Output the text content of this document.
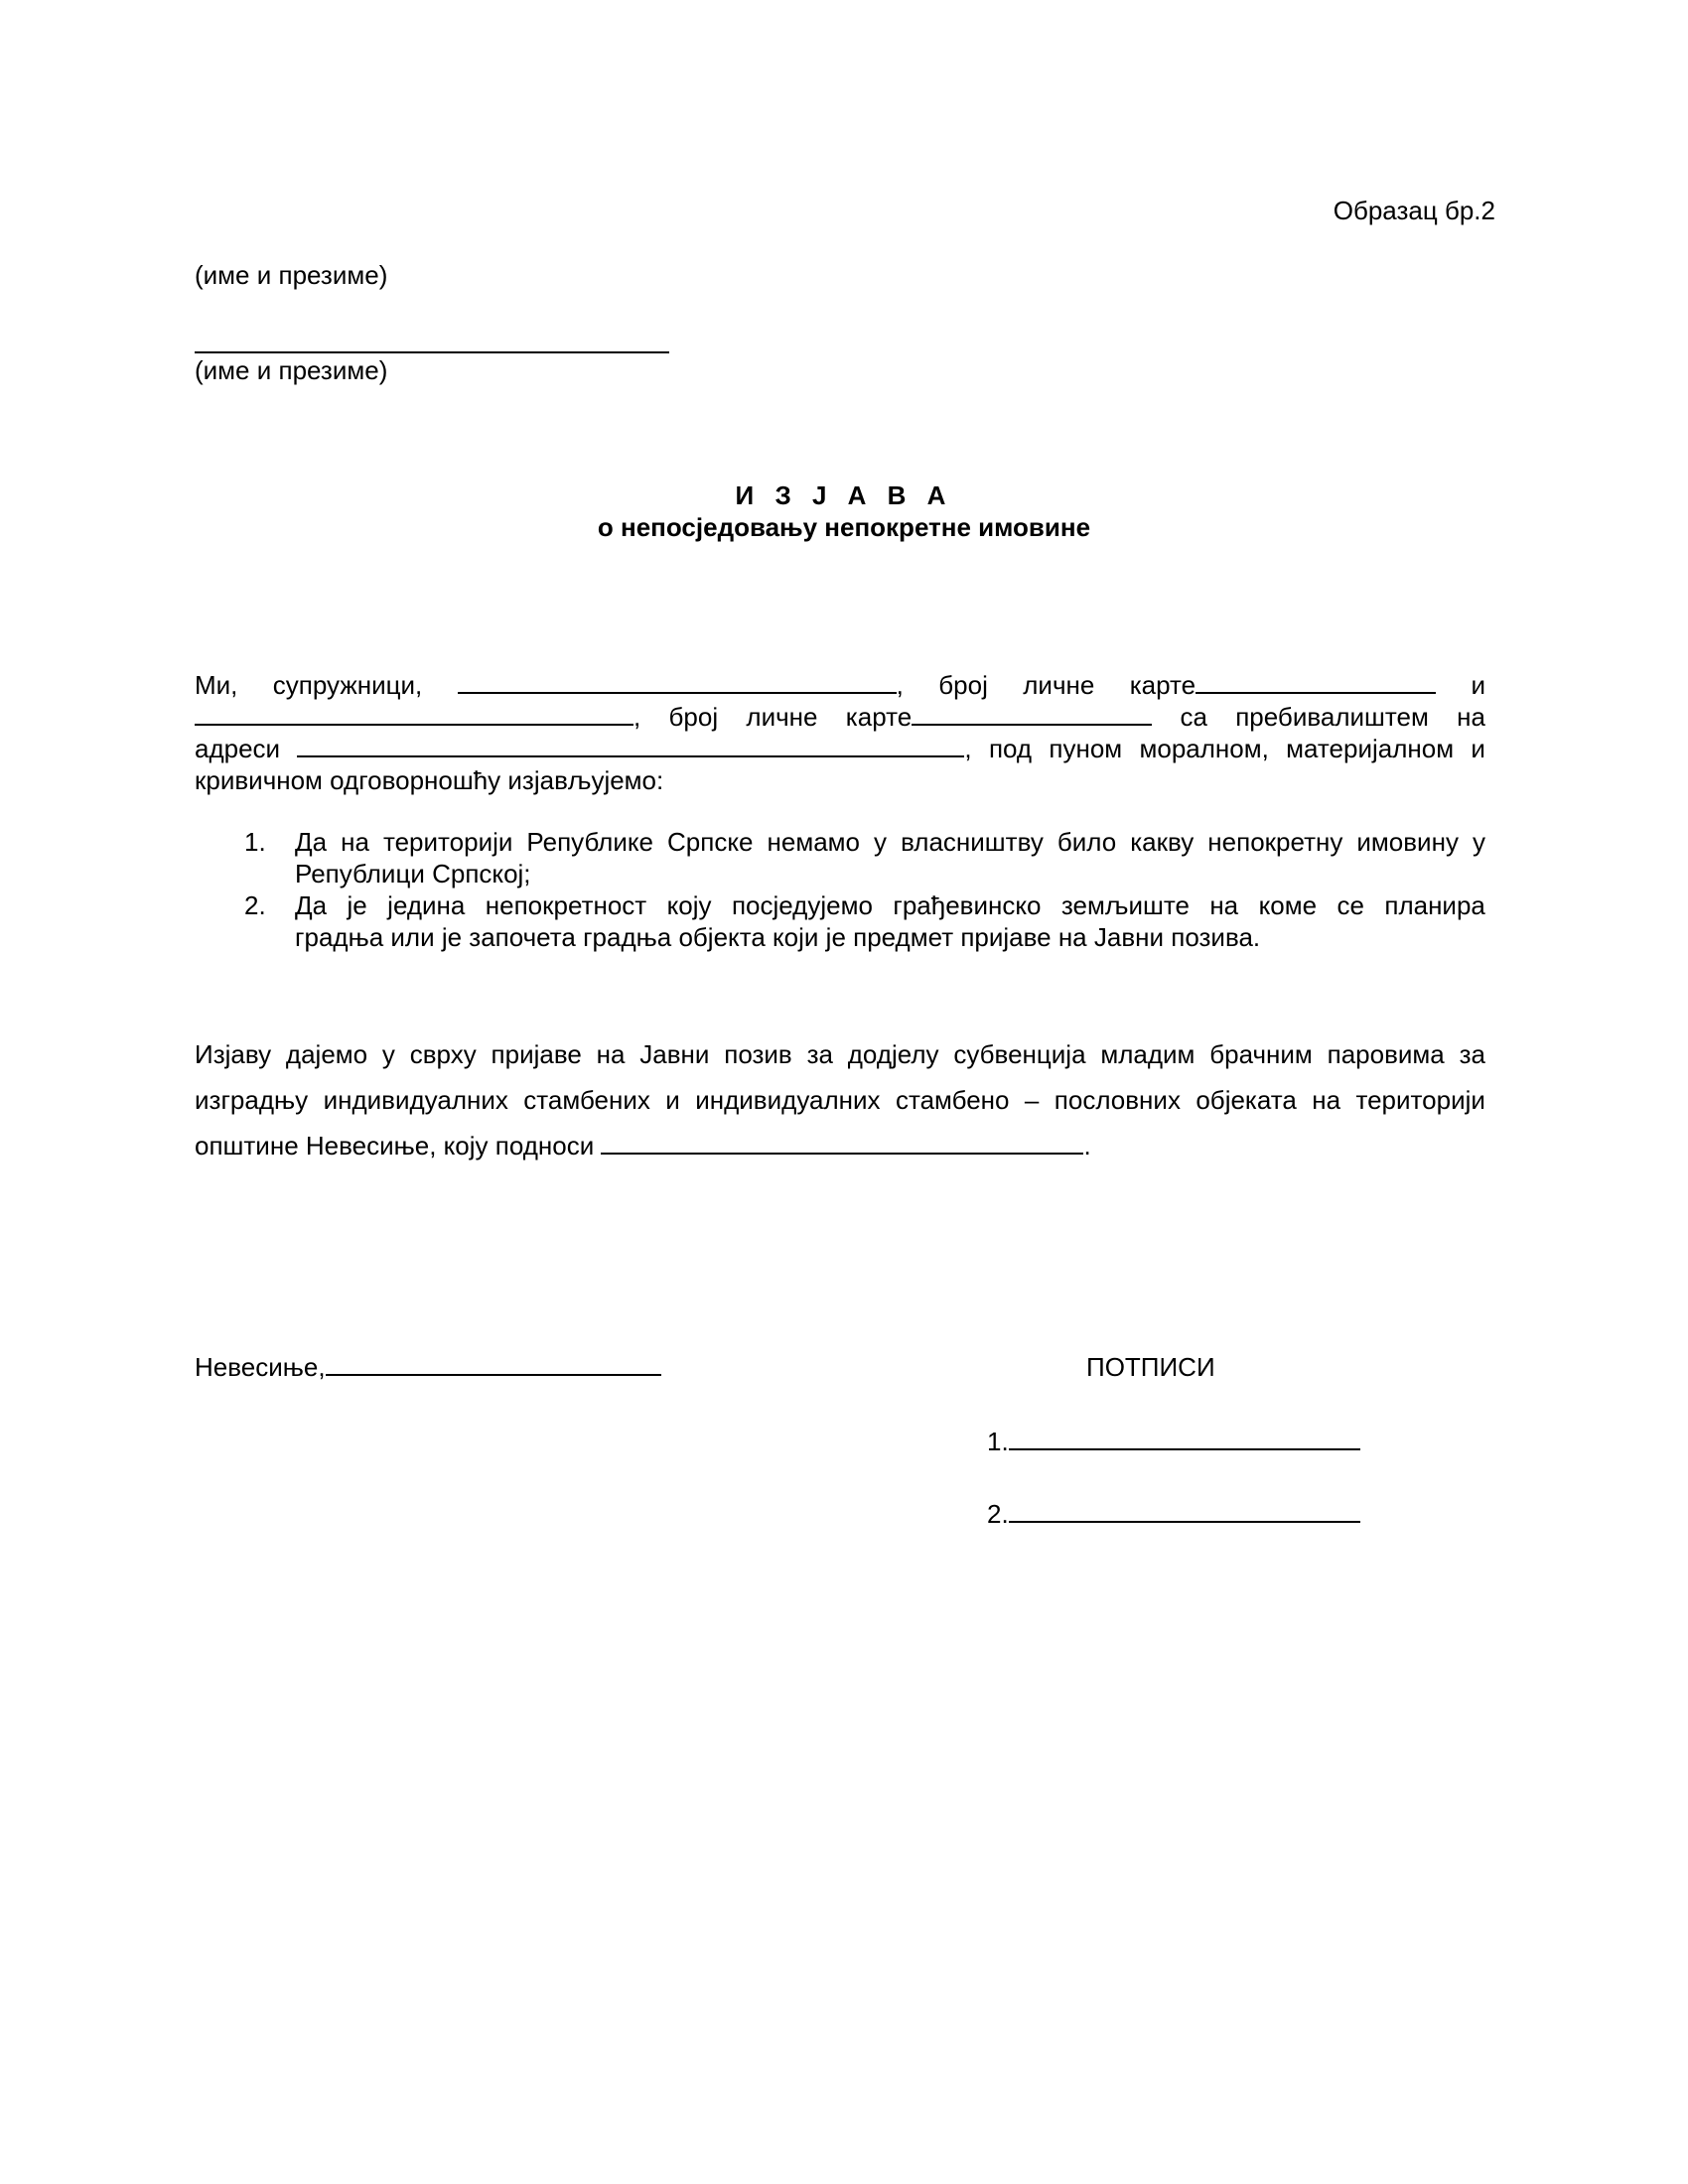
Образац бр.2
(име и презиме)
(име и презиме)
И З Ј А В А
о непосједовању непокретне имовине
Ми, супружници,	, број личне карте	и
, број личне карте	са пребивалиштем на
адреси	, под пуном моралном, материјалном и
кривичном одговорношћу изјављујемо:
1. Да на територији Републике Српске немамо у власништву било какву непокретну имовину у
Републици Српској;
2. Да је једина непокретност коју посједујемо грађевинско земљиште на коме се планира
градња или је започета градња објекта који је предмет пријаве на Јавни позива.
Изјаву дајемо у сврху пријаве на Јавни позив за додјелу субвенција младим брачним паровима за
изградњу индивидуалних стамбених и индивидуалних стамбено – пословних објеката на територији
општине Невесиње, коју подноси	.
Невесиње,	ПОТПИСИ
1.
2.
